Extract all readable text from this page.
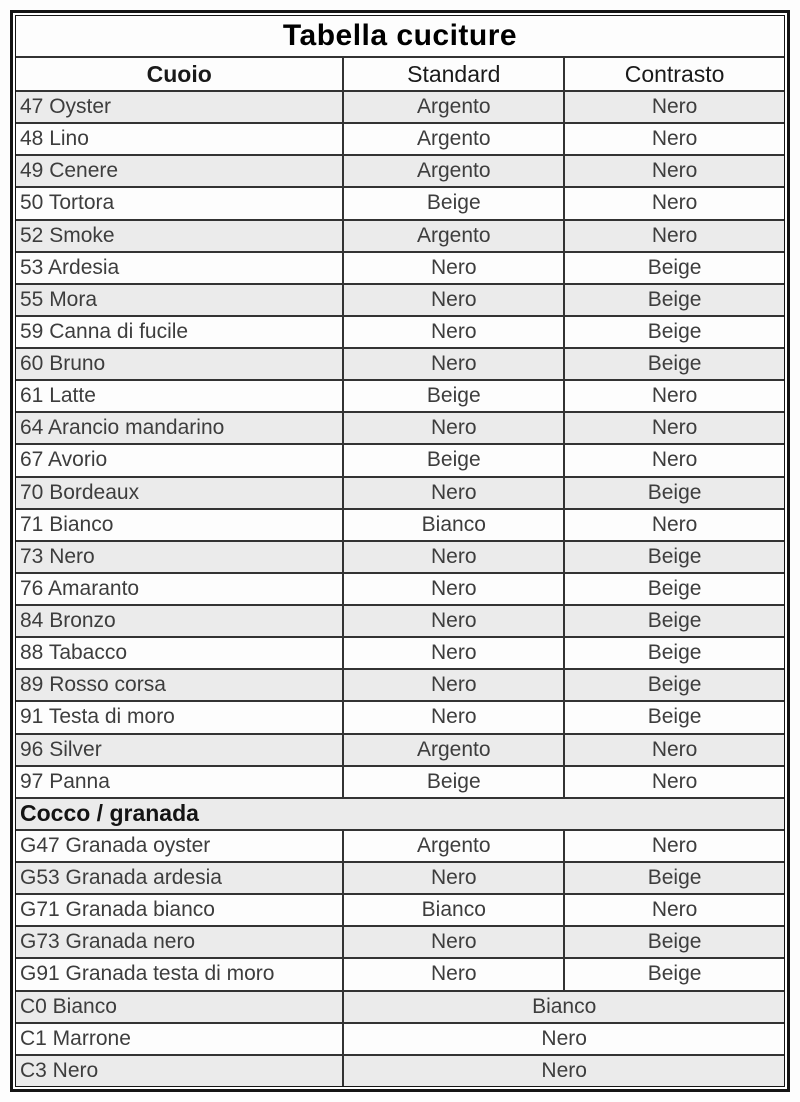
Tabella cuciture
Cuoio	Standard	Contrasto
47 Oyster	Argento	Nero
48 Lino	Argento	Nero
49 Cenere	Argento	Nero
50 Tortora	Beige	Nero
52 Smoke	Argento	Nero
53 Ardesia	Nero	Beige
55 Mora	Nero	Beige
59 Canna di fucile	Nero	Beige
60 Bruno	Nero	Beige
61 Latte	Beige	Nero
64 Arancio mandarino	Nero	Nero
67 Avorio	Beige	Nero
70 Bordeaux	Nero	Beige
71 Bianco	Bianco	Nero
73 Nero	Nero	Beige
76 Amaranto	Nero	Beige
84 Bronzo	Nero	Beige
88 Tabacco	Nero	Beige
89 Rosso corsa	Nero	Beige
91 Testa di moro	Nero	Beige
96 Silver	Argento	Nero
97 Panna	Beige	Nero
Cocco / granada
G47 Granada oyster	Argento	Nero
G53 Granada ardesia	Nero	Beige
G71 Granada bianco	Bianco	Nero
G73 Granada nero	Nero	Beige
G91 Granada testa di moro	Nero	Beige
C0 Bianco	Bianco
C1 Marrone	Nero
C3 Nero	Nero
